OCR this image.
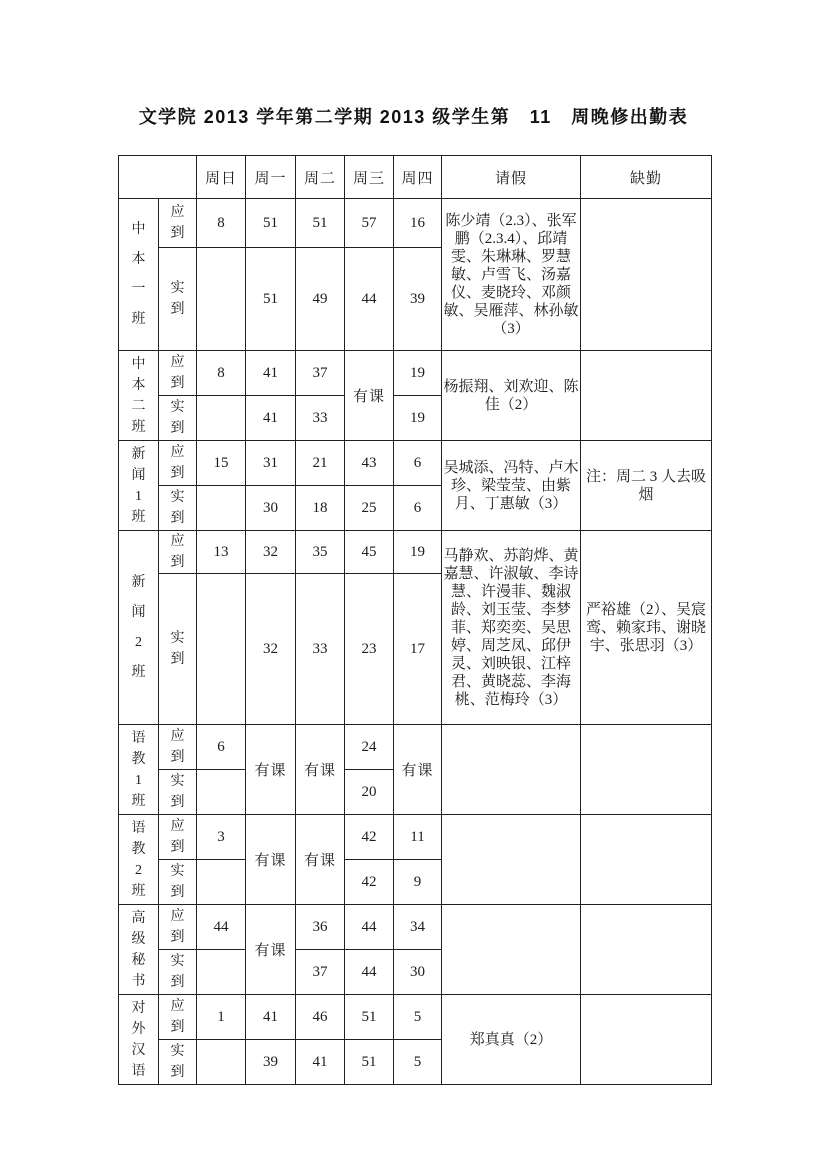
文学院 2013 学年第二学期 2013 级学生第　11　周晚修出勤表
		周日	周一	周二	周三	周四	请假	缺勤
中本一班	应到	8	51	51	57	16	陈少靖（2.3）、张军鹏（2.3.4）、邱靖雯、朱琳琳、罗慧敏、卢雪飞、汤嘉仪、麦晓玲、邓颜敏、吴雁萍、林孙敏（3）	
	实到		51	49	44	39		
中本二班	应到	8	41	37	有课	19	杨振翔、刘欢迎、陈佳（2）	
	实到		41	33		19		
新闻1班	应到	15	31	21	43	6	吴城添、冯特、卢木珍、梁莹莹、由紫月、丁惠敏（3）	注：周二 3 人去吸烟
	实到		30	18	25	6		
新闻2班	应到	13	32	35	45	19	马静欢、苏韵烨、黄嘉慧、许淑敏、李诗慧、许漫菲、魏淑龄、刘玉莹、李梦菲、郑奕奕、吴思婷、周芝凤、邱伊灵、刘映银、江梓君、黄晓蕊、李海桃、范梅玲（3）	严裕雄（2）、吴宸鸾、赖家玮、谢晓宇、张思羽（3）
	实到		32	33	23	17		
语教1班	应到	6	有课	有课	24	有课		
	实到				20			
语教2班	应到	3	有课	有课	42	11		
	实到				42	9		
高级秘书	应到	44	有课	36	44	34		
	实到			37	44	30		
对外汉语	应到	1	41	46	51	5	郑真真（2）	
	实到		39	41	51	5		
